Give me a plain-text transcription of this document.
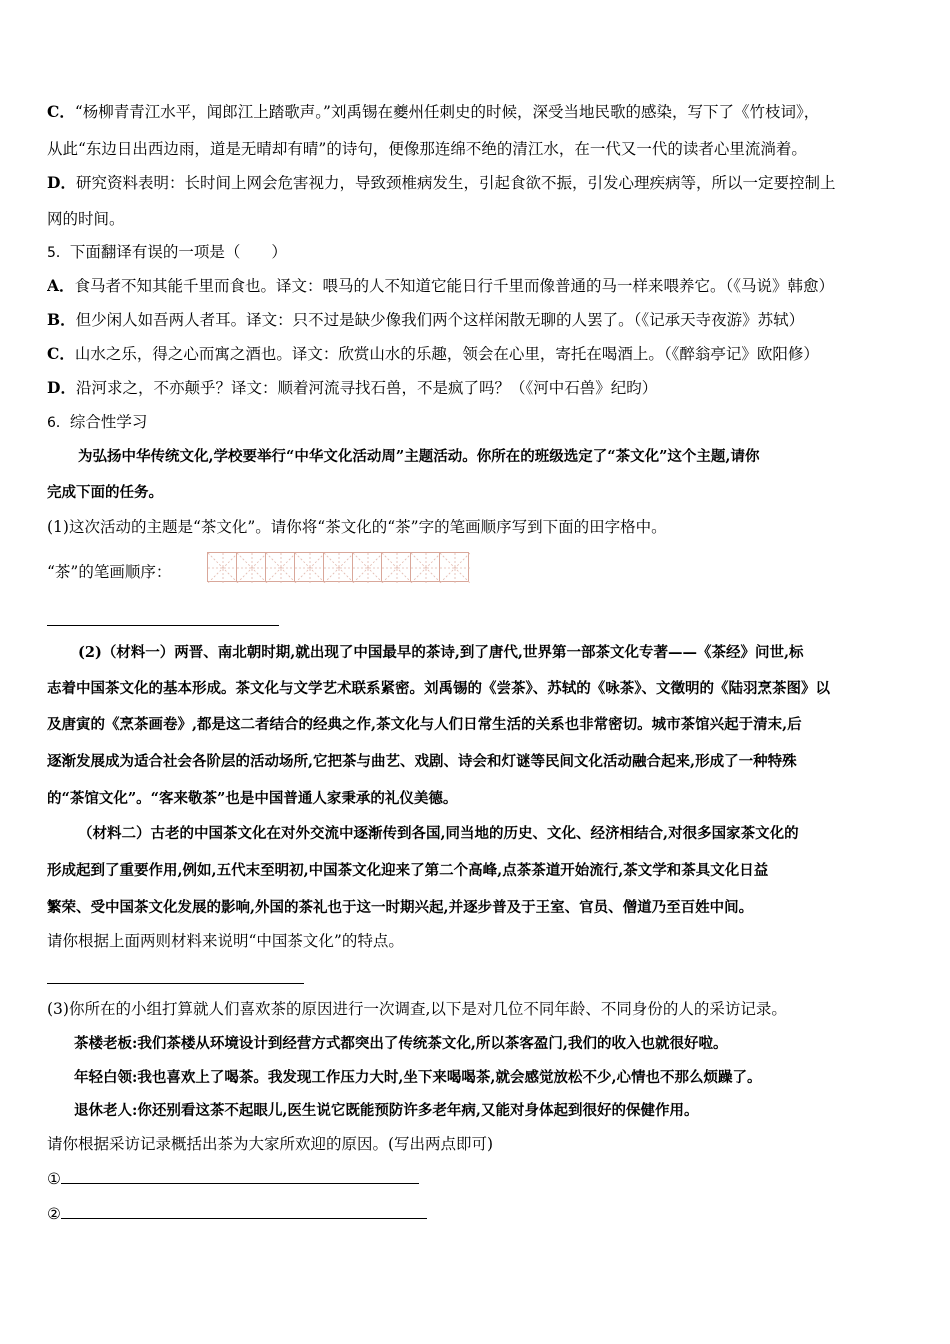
C．“杨柳青青江水平，闻郎江上踏歌声。”刘禹锡在夔州任刺史的时候，深受当地民歌的感染，写下了《竹枝词》，
从此“东边日出西边雨，道是无晴却有晴”的诗句，便像那连绵不绝的清江水，在一代又一代的读者心里流淌着。
D．研究资料表明：长时间上网会危害视力，导致颈椎病发生，引起食欲不振，引发心理疾病等，所以一定要控制上
网的时间。
5．下面翻译有误的一项是（　　）
A．食马者不知其能千里而食也。译文：喂马的人不知道它能日行千里而像普通的马一样来喂养它。（《马说》韩愈）
B．但少闲人如吾两人者耳。译文：只不过是缺少像我们两个这样闲散无聊的人罢了。（《记承天寺夜游》苏轼）
C．山水之乐，得之心而寓之酒也。译文：欣赏山水的乐趣，领会在心里，寄托在喝酒上。（《醉翁亭记》欧阳修）
D．沿河求之，不亦颠乎？译文：顺着河流寻找石兽，不是疯了吗？（《河中石兽》纪昀）
6．综合性学习
为弘扬中华传统文化,学校要举行“中华文化活动周”主题活动。你所在的班级选定了“茶文化”这个主题,请你
完成下面的任务。
(1)这次活动的主题是“茶文化”。请你将“茶文化的“茶”字的笔画顺序写到下面的田字格中。
“茶”的笔画顺序：
(2)（材料一）两晋、南北朝时期,就出现了中国最早的茶诗,到了唐代,世界第一部茶文化专著——《茶经》问世,标
志着中国茶文化的基本形成。茶文化与文学艺术联系紧密。刘禹锡的《尝茶》、苏轼的《咏茶》、文徵明的《陆羽烹茶图》以
及唐寅的《烹茶画卷》,都是这二者结合的经典之作,茶文化与人们日常生活的关系也非常密切。城市茶馆兴起于清末,后
逐渐发展成为适合社会各阶层的活动场所,它把茶与曲艺、戏剧、诗会和灯谜等民间文化活动融合起来,形成了一种特殊
的“茶馆文化”。“客来敬茶”也是中国普通人家秉承的礼仪美德。
（材料二）古老的中国茶文化在对外交流中逐渐传到各国,同当地的历史、文化、经济相结合,对很多国家茶文化的
形成起到了重要作用,例如,五代末至明初,中国茶文化迎来了第二个高峰,点茶茶道开始流行,茶文学和茶具文化日益
繁荣、受中国茶文化发展的影响,外国的茶礼也于这一时期兴起,并逐步普及于王室、官员、僧道乃至百姓中间。
请你根据上面两则材料来说明“中国茶文化”的特点。
(3)你所在的小组打算就人们喜欢茶的原因进行一次调查,以下是对几位不同年龄、不同身份的人的采访记录。
茶楼老板:我们茶楼从环境设计到经营方式都突出了传统茶文化,所以茶客盈门,我们的收入也就很好啦。
年轻白领:我也喜欢上了喝茶。我发现工作压力大时,坐下来喝喝茶,就会感觉放松不少,心情也不那么烦躁了。
退休老人:你还别看这茶不起眼儿,医生说它既能预防许多老年病,又能对身体起到很好的保健作用。
请你根据采访记录概括出茶为大家所欢迎的原因。(写出两点即可)
①
②
